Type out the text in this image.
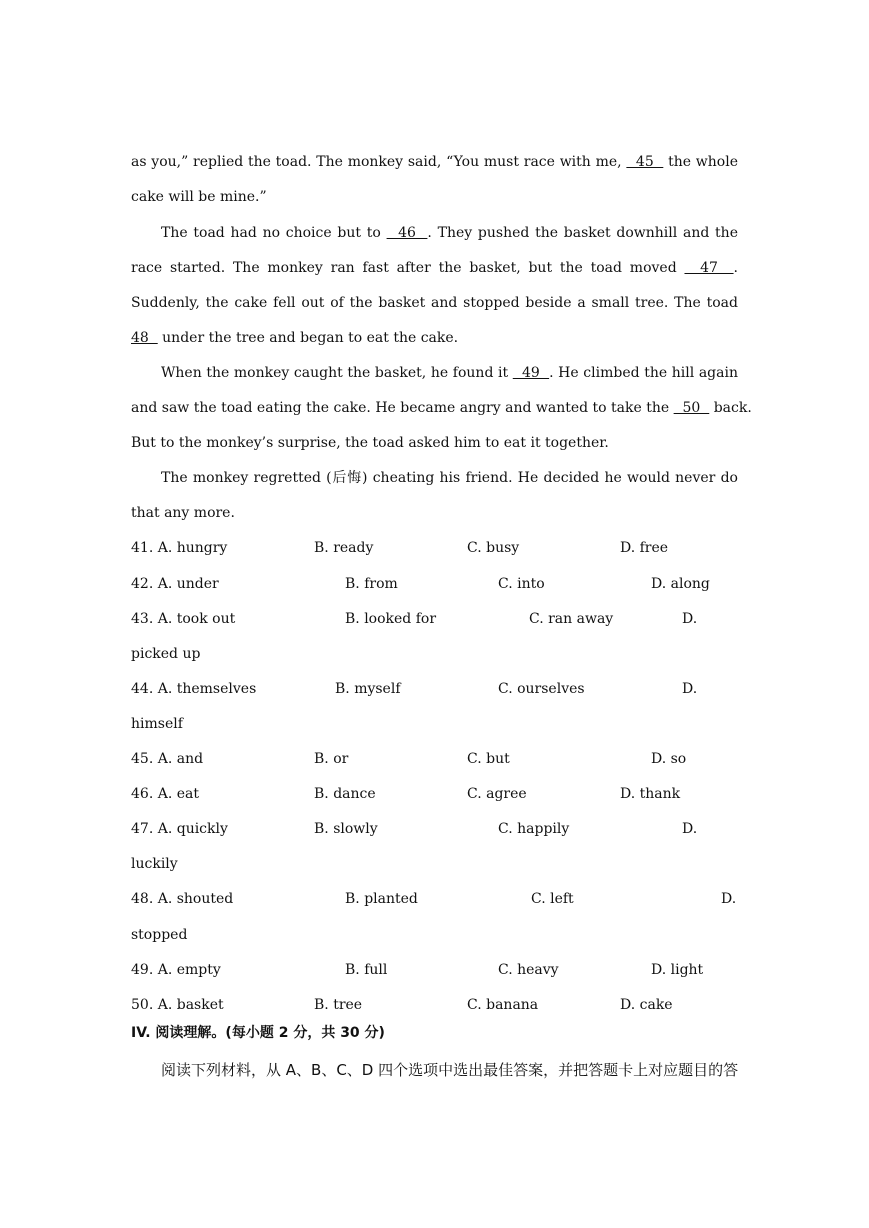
as you,” replied the toad. The monkey said, “You must race with me,   45   the whole
cake will be mine.”
The toad had no choice but to   46  . They pushed the basket downhill and the
race started. The monkey ran fast after the basket, but the toad moved   47  .
Suddenly, the cake fell out of the basket and stopped beside a small tree. The toad
48   under the tree and began to eat the cake.
When the monkey caught the basket, he found it   49  . He climbed the hill again
and saw the toad eating the cake. He became angry and wanted to take the   50   back.
But to the monkey’s surprise, the toad asked him to eat it together.
The monkey regretted (后悔) cheating his friend. He decided he would never do
that any more.
41. A. hungry	B. ready	C. busy	D. free
42. A. under	B. from	C. into	D. along
43. A. took out	B. looked for	C. ran away	D.
picked up
44. A. themselves	B. myself	C. ourselves	D.
himself
45. A. and	B. or	C. but	D. so
46. A. eat	B. dance	C. agree	D. thank
47. A. quickly	B. slowly	C. happily	D.
luckily
48. A. shouted	B. planted	C. left	D.
stopped
49. A. empty	B. full	C. heavy	D. light
50. A. basket	B. tree	C. banana	D. cake
IV. 阅读理解。(每小题 2 分，共 30 分)
阅读下列材料，从 A、B、C、D 四个选项中选出最佳答案，并把答题卡上对应题目的答
